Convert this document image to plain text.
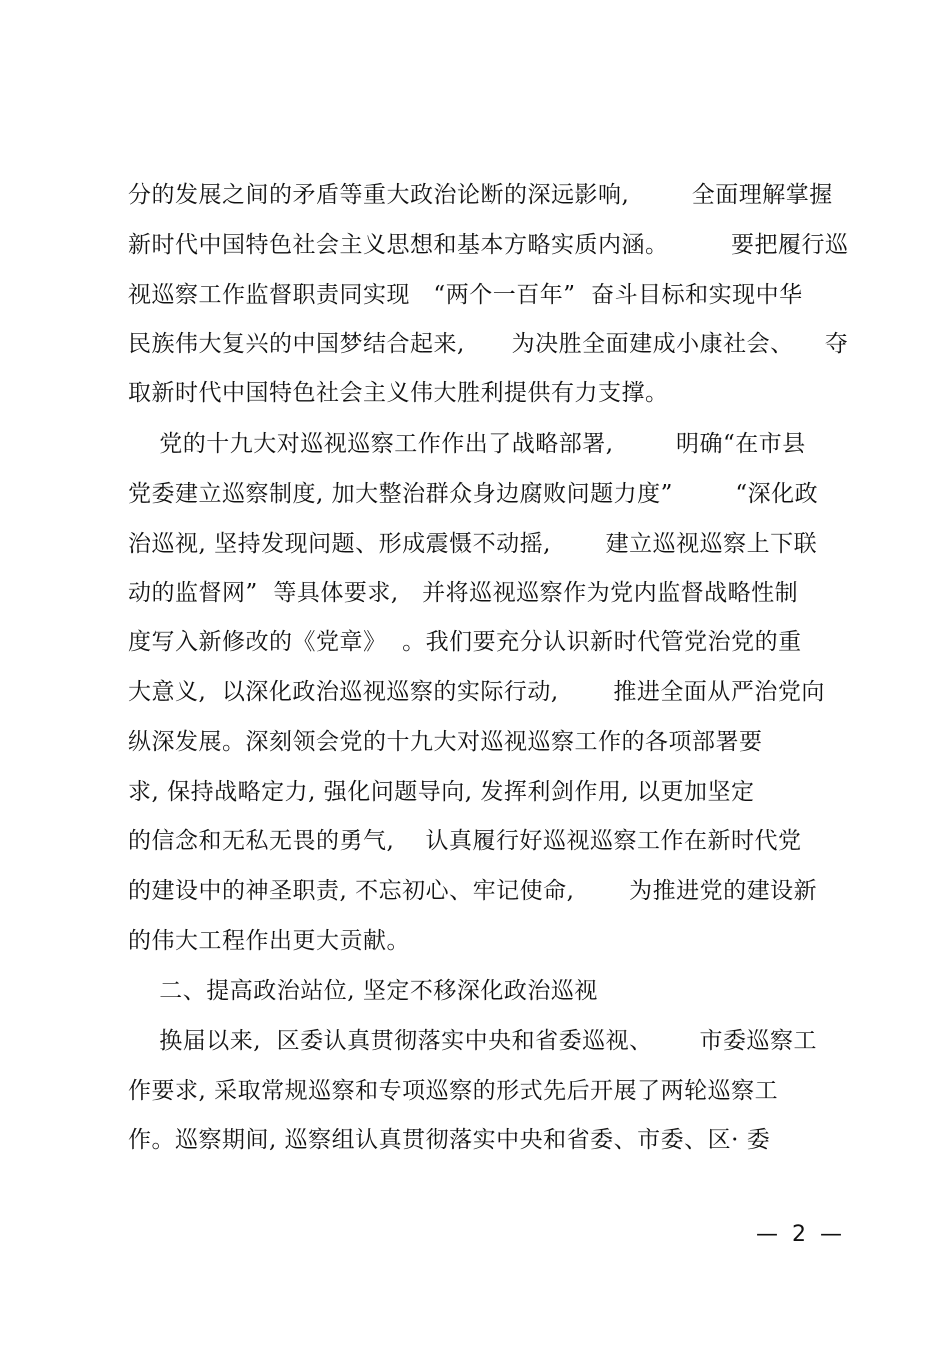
分的发展之间的矛盾等重大政治论断的深远影响,        全面理解掌握
新时代中国特色社会主义思想和基本方略实质内涵。        要把履行巡
视巡察工作监督职责同实现   “两个一百年”  奋斗目标和实现中华
民族伟大复兴的中国梦结合起来,      为决胜全面建成小康社会、    夺
取新时代中国特色社会主义伟大胜利提供有力支撑。
党的十九大对巡视巡察工作作出了战略部署,        明确“在市县
党委建立巡察制度, 加大整治群众身边腐败问题力度”        “深化政
治巡视, 坚持发现问题、形成震慑不动摇,       建立巡视巡察上下联
动的监督网”  等具体要求,   并将巡视巡察作为党内监督战略性制
度写入新修改的《党章》  。我们要充分认识新时代管党治党的重
大意义,  以深化政治巡视巡察的实际行动,       推进全面从严治党向
纵深发展。深刻领会党的十九大对巡视巡察工作的各项部署要
求, 保持战略定力, 强化问题导向, 发挥利剑作用, 以更加坚定
的信念和无私无畏的勇气,    认真履行好巡视巡察工作在新时代党
的建设中的神圣职责, 不忘初心、牢记使命,       为推进党的建设新
的伟大工程作出更大贡献。
二、提高政治站位, 坚定不移深化政治巡视
换届以来,  区委认真贯彻落实中央和省委巡视、      市委巡察工
作要求, 采取常规巡察和专项巡察的形式先后开展了两轮巡察工
作。巡察期间, 巡察组认真贯彻落实中央和省委、市委、区· 委
—  2  —
